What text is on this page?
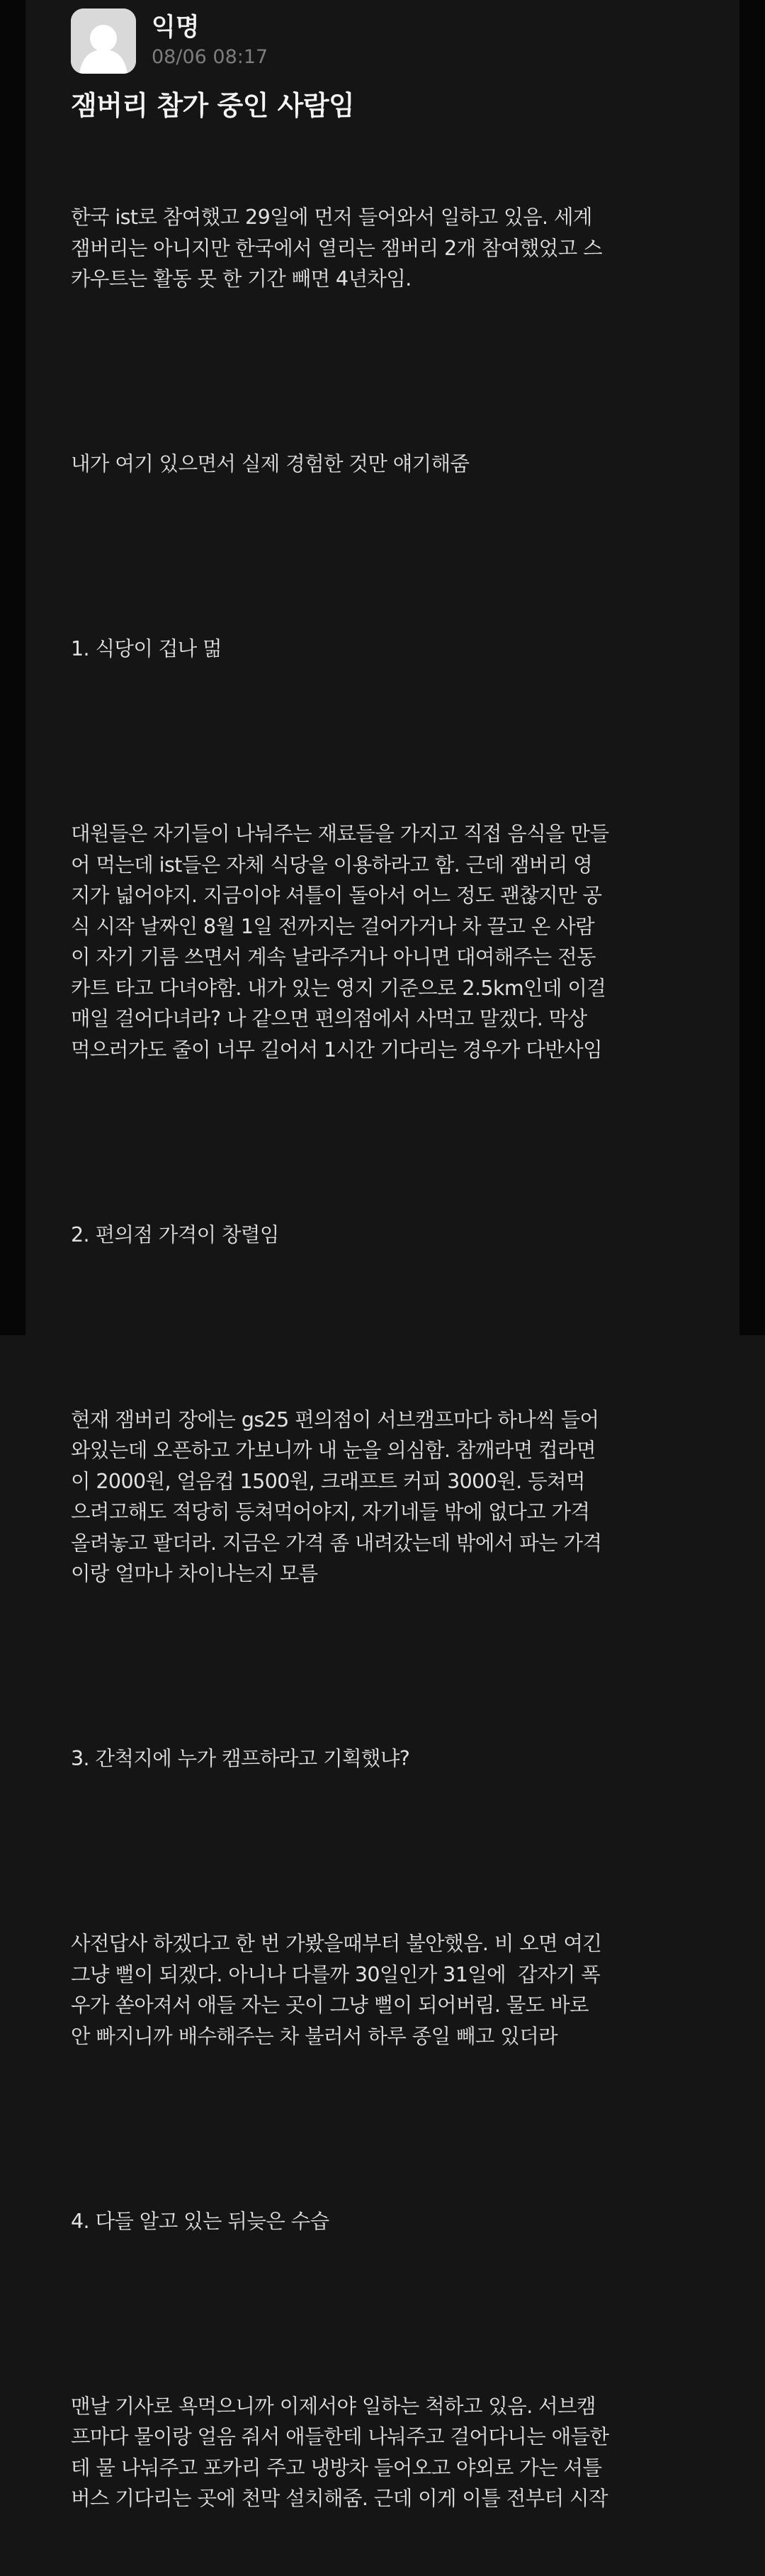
익명
08/06 08:17
잼버리 참가 중인 사람임

한국 ist로 참여했고 29일에 먼저 들어와서 일하고 있음. 세계
잼버리는 아니지만 한국에서 열리는 잼버리 2개 참여했었고 스
카우트는 활동 못 한 기간 빼면 4년차임.

내가 여기 있으면서 실제 경험한 것만 얘기해줌

1. 식당이 겁나 멂

대원들은 자기들이 나눠주는 재료들을 가지고 직접 음식을 만들
어 먹는데 ist들은 자체 식당을 이용하라고 함. 근데 잼버리 영
지가 넓어야지. 지금이야 셔틀이 돌아서 어느 정도 괜찮지만 공
식 시작 날짜인 8월 1일 전까지는 걸어가거나 차 끌고 온 사람
이 자기 기름 쓰면서 계속 날라주거나 아니면 대여해주는 전동
카트 타고 다녀야함. 내가 있는 영지 기준으로 2.5km인데 이걸
매일 걸어다녀라? 나 같으면 편의점에서 사먹고 말겠다. 막상
먹으러가도 줄이 너무 길어서 1시간 기다리는 경우가 다반사임

2. 편의점 가격이 창렬임

현재 잼버리 장에는 gs25 편의점이 서브캠프마다 하나씩 들어
와있는데 오픈하고 가보니까 내 눈을 의심함. 참깨라면 컵라면
이 2000원, 얼음컵 1500원, 크래프트 커피 3000원. 등쳐먹
으려고해도 적당히 등쳐먹어야지, 자기네들 밖에 없다고 가격
올려놓고 팔더라. 지금은 가격 좀 내려갔는데 밖에서 파는 가격
이랑 얼마나 차이나는지 모름

3. 간척지에 누가 캠프하라고 기획했냐?

사전답사 하겠다고 한 번 가봤을때부터 불안했음. 비 오면 여긴
그냥 뻘이 되겠다. 아니나 다를까 30일인가 31일에  갑자기 폭
우가 쏟아져서 애들 자는 곳이 그냥 뻘이 되어버림. 물도 바로
안 빠지니까 배수해주는 차 불러서 하루 종일 빼고 있더라

4. 다들 알고 있는 뒤늦은 수습

맨날 기사로 욕먹으니까 이제서야 일하는 척하고 있음. 서브캠
프마다 물이랑 얼음 줘서 애들한테 나눠주고 걸어다니는 애들한
테 물 나눠주고 포카리 주고 냉방차 들어오고 야외로 가는 셔틀
버스 기다리는 곳에 천막 설치해줌. 근데 이게 이틀 전부터 시작
